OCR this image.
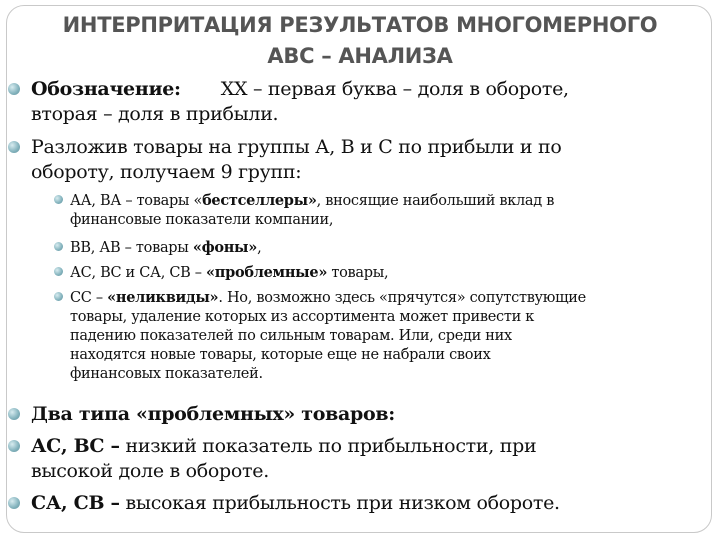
ИНТЕРПРИТАЦИЯ РЕЗУЛЬТАТОВ МНОГОМЕРНОГО
АВС – АНАЛИЗА
Обозначение: ХХ – первая буква – доля в обороте,
вторая – доля в прибыли.
Разложив товары на группы А, В и С по прибыли и по
обороту, получаем 9 групп:
АА, ВА – товары «бестселлеры», вносящие наибольший вклад в
финансовые показатели компании,
ВВ, АВ – товары «фоны»,
АС, ВС и СА, СВ – «проблемные» товары,
СС – «неликвиды». Но, возможно здесь «прячутся» сопутствующие
товары, удаление которых из ассортимента может привести к
падению показателей по сильным товарам. Или, среди них
находятся новые товары, которые еще не набрали своих
финансовых показателей.
Два типа «проблемных» товаров:
АС, ВС – низкий показатель по прибыльности, при
высокой доле в обороте.
СА, СВ – высокая прибыльность при низком обороте.
